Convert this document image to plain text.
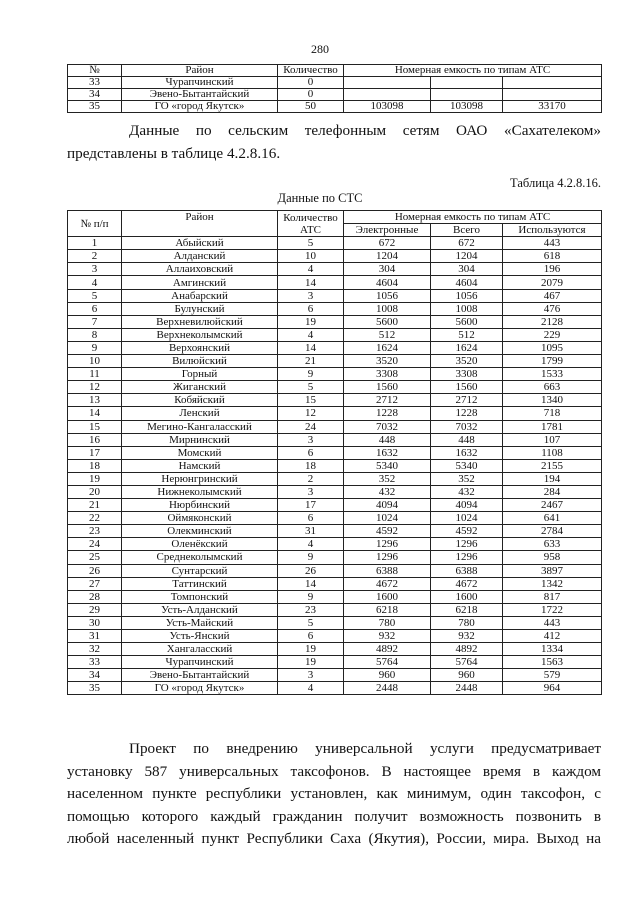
280
№	Район	Количество	Номерная емкость по типам АТС		
33	Чурапчинский	0			
34	Эвено-Бытантайский	0			
35	ГО «город Якутск»	50	103098	103098	33170

Данные по сельским телефонным сетям ОАО «Сахателеком»
представлены в таблице 4.2.8.16.

Таблица 4.2.8.16.
Данные по СТС
№ п/п	Район	Количество АТС	Номерная емкость по типам АТС		
			Электронные	Всего	Используются
1	Абыйский	5	672	672	443
2	Алданский	10	1204	1204	618
3	Аллаиховский	4	304	304	196
4	Амгинский	14	4604	4604	2079
5	Анабарский	3	1056	1056	467
6	Булунский	6	1008	1008	476
7	Верхневилюйский	19	5600	5600	2128
8	Верхнеколымский	4	512	512	229
9	Верхоянский	14	1624	1624	1095
10	Вилюйский	21	3520	3520	1799
11	Горный	9	3308	3308	1533
12	Жиганский	5	1560	1560	663
13	Кобяйский	15	2712	2712	1340
14	Ленский	12	1228	1228	718
15	Мегино-Кангаласский	24	7032	7032	1781
16	Мирнинский	3	448	448	107
17	Момский	6	1632	1632	1108
18	Намский	18	5340	5340	2155
19	Нерюнгринский	2	352	352	194
20	Нижнеколымский	3	432	432	284
21	Нюрбинский	17	4094	4094	2467
22	Оймяконский	6	1024	1024	641
23	Олекминский	31	4592	4592	2784
24	Оленёкский	4	1296	1296	633
25	Среднеколымский	9	1296	1296	958
26	Сунтарский	26	6388	6388	3897
27	Таттинский	14	4672	4672	1342
28	Томпонский	9	1600	1600	817
29	Усть-Алданский	23	6218	6218	1722
30	Усть-Майский	5	780	780	443
31	Усть-Янский	6	932	932	412
32	Хангаласский	19	4892	4892	1334
33	Чурапчинский	19	5764	5764	1563
34	Эвено-Бытантайский	3	960	960	579
35	ГО «город Якутск»	4	2448	2448	964

Проект по внедрению универсальной услуги предусматривает
установку 587 универсальных таксофонов. В настоящее время в каждом
населенном пункте республики установлен, как минимум, один таксофон, с
помощью которого каждый гражданин получит возможность позвонить в
любой населенный пункт Республики Саха (Якутия), России, мира. Выход на
